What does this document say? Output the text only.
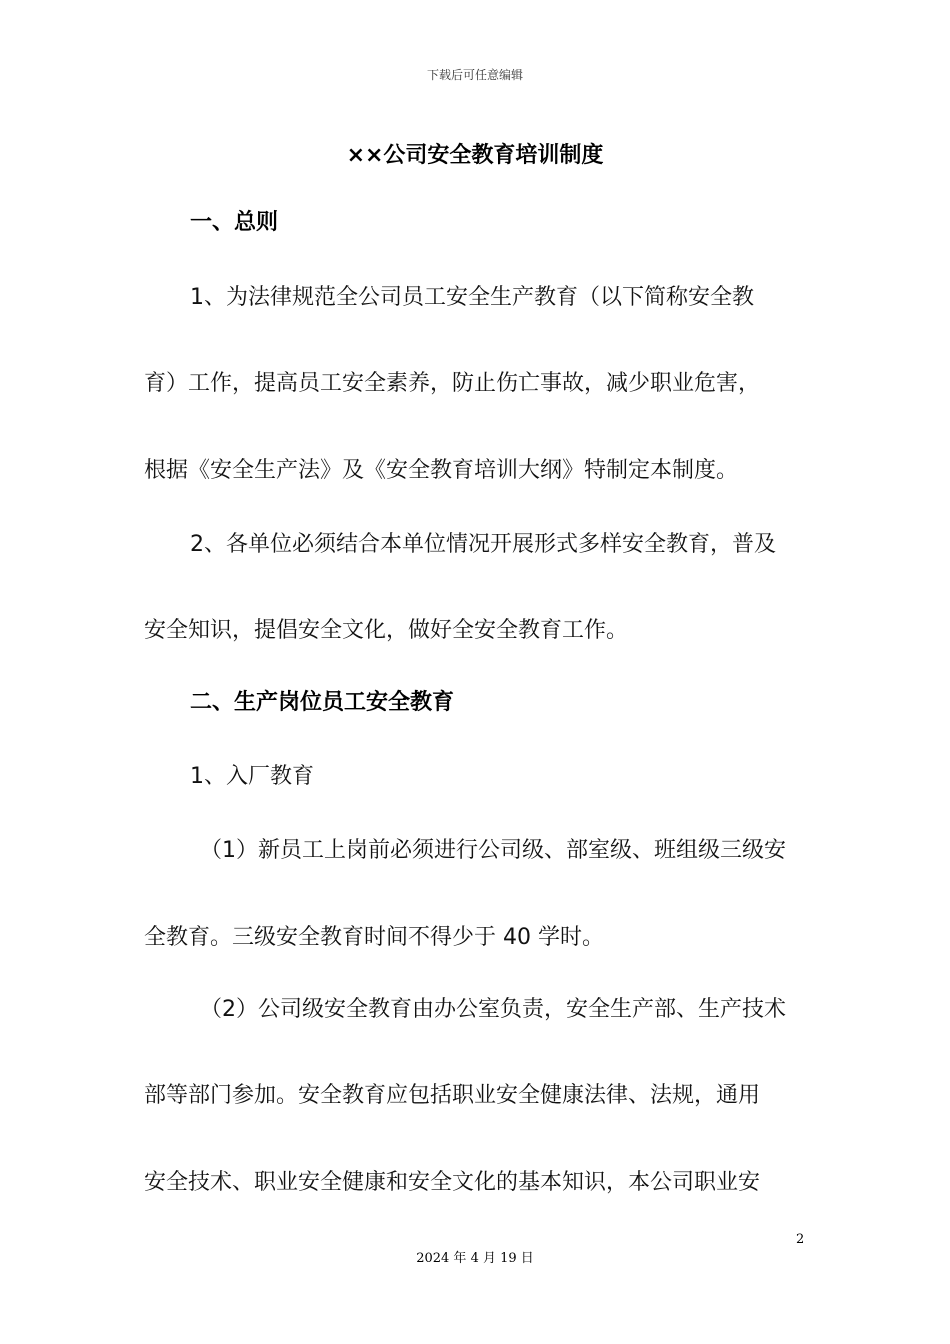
下载后可任意编辑
××公司安全教育培训制度
一、总则
1、为法律规范全公司员工安全生产教育（以下简称安全教
育）工作，提高员工安全素养，防止伤亡事故，减少职业危害，
根据《安全生产法》及《安全教育培训大纲》特制定本制度。
2、各单位必须结合本单位情况开展形式多样安全教育，普及
安全知识，提倡安全文化，做好全安全教育工作。
二、生产岗位员工安全教育
1、入厂教育
（1）新员工上岗前必须进行公司级、部室级、班组级三级安
全教育。三级安全教育时间不得少于 40 学时。
（2）公司级安全教育由办公室负责，安全生产部、生产技术
部等部门参加。安全教育应包括职业安全健康法律、法规，通用
安全技术、职业安全健康和安全文化的基本知识，本公司职业安
2
2024 年 4 月 19 日
